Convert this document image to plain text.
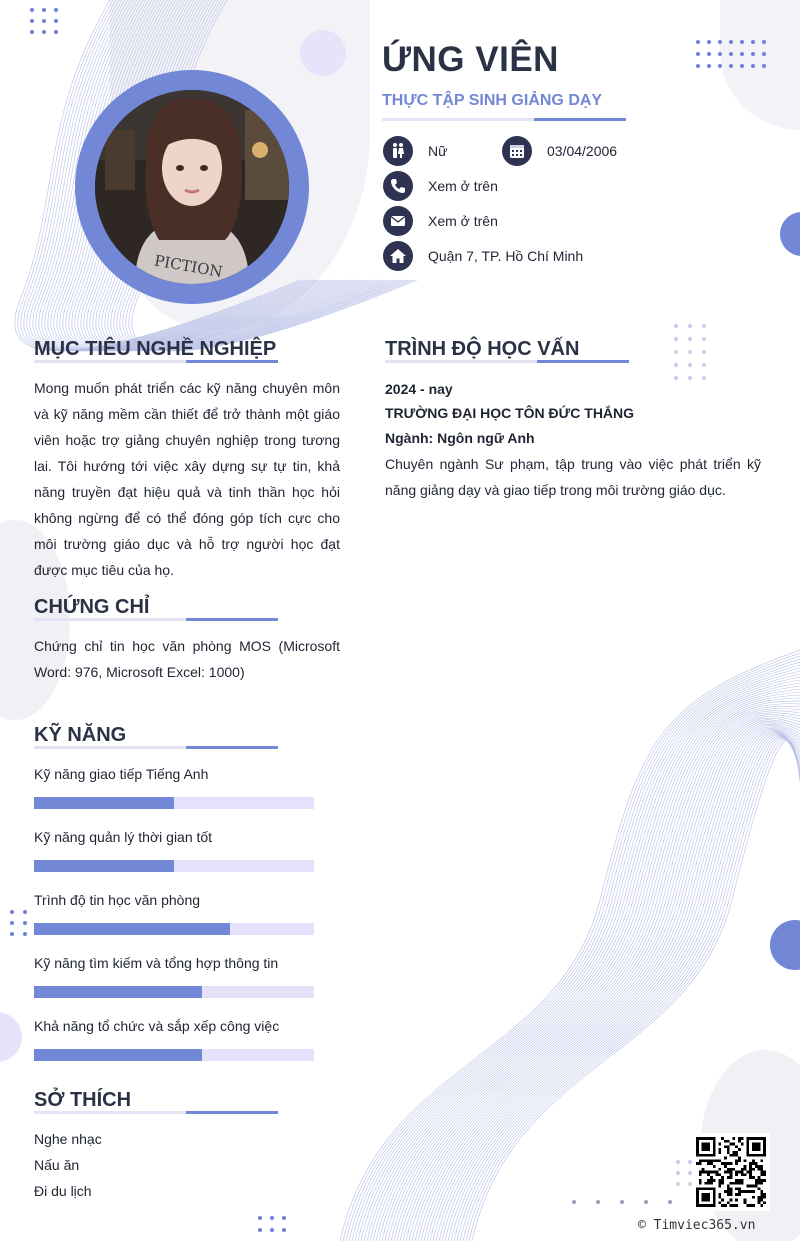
PICTION
ỨNG VIÊN
THỰC TẬP SINH GIẢNG DẠY
Nữ	03/04/2006
Xem ở trên
Xem ở trên
Quận 7, TP. Hồ Chí Minh
MỤC TIÊU NGHỀ NGHIỆP
Mong muốn phát triển các kỹ năng chuyên môn và kỹ năng mềm cần thiết để trở thành một giáo viên hoặc trợ giảng chuyên nghiệp trong tương lai. Tôi hướng tới việc xây dựng sự tự tin, khả năng truyền đạt hiệu quả và tinh thần học hỏi không ngừng để có thể đóng góp tích cực cho môi trường giáo dục và hỗ trợ người học đạt được mục tiêu của họ.
CHỨNG CHỈ
Chứng chỉ tin học văn phòng MOS (Microsoft Word: 976, Microsoft Excel: 1000)
KỸ NĂNG
Kỹ năng giao tiếp Tiếng Anh
Kỹ năng quản lý thời gian tốt
Trình độ tin học văn phòng
Kỹ năng tìm kiếm và tổng hợp thông tin
Khả năng tổ chức và sắp xếp công việc
SỞ THÍCH
Nghe nhạc
Nấu ăn
Đi du lịch
TRÌNH ĐỘ HỌC VẤN
2024 - nay
TRƯỜNG ĐẠI HỌC TÔN ĐỨC THẮNG
Ngành: Ngôn ngữ Anh
Chuyên ngành Sư phạm, tập trung vào việc phát triển kỹ năng giảng dạy và giao tiếp trong môi trường giáo dục.
© Timviec365.vn
